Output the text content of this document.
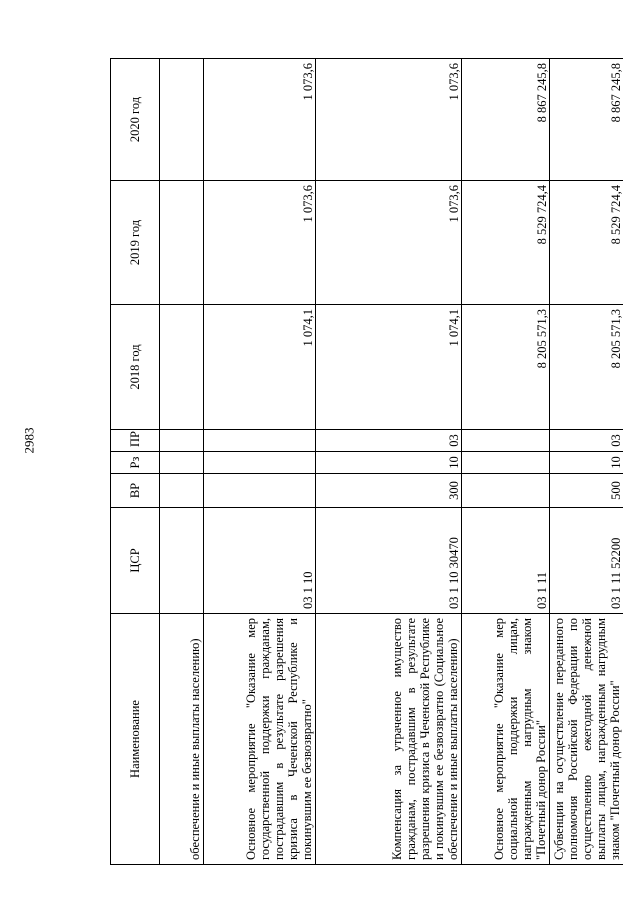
2983
Наименование	ЦСР	ВР	Рз	ПР	2018 год	2019 год	2020 год
обеспечение и иные выплаты населению)							
Основное мероприятие "Оказание мер государственной поддержки гражданам, пострадавшим в результате разрешения кризиса в Чеченской Республике и покинувшим ее безвозвратно"	03 1 10				1 074,1	1 073,6	1 073,6
Компенсация за утраченное имущество гражданам, пострадавшим в результате разрешения кризиса в Чеченской Республике и покинувшим ее безвозвратно (Социальное обеспечение и иные выплаты населению)	03 1 10 30470	300	10	03	1 074,1	1 073,6	1 073,6
Основное мероприятие "Оказание мер социальной поддержки лицам, награжденным нагрудным знаком "Почетный донор России"	03 1 11				8 205 571,3	8 529 724,4	8 867 245,8
Субвенции на осуществление переданного полномочия Российской Федерации по осуществлению ежегодной денежной выплаты лицам, награжденным нагрудным знаком "Почетный донор России"	03 1 11 52200	500	10	03	8 205 571,3	8 529 724,4	8 867 245,8
